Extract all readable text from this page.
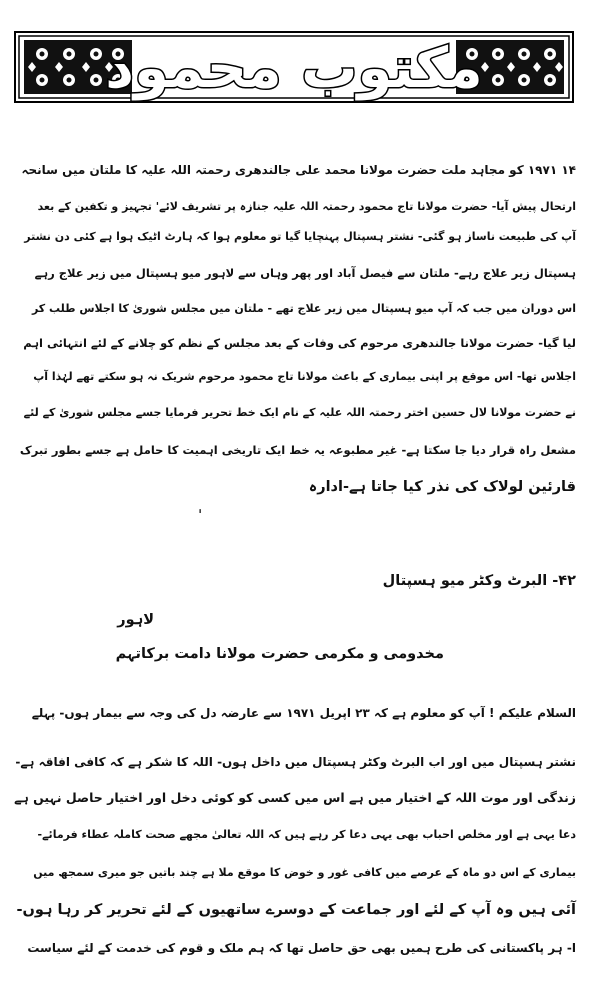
مکتوب محمود
۱۴ ۱۹۷۱ کو مجاہد ملت حضرت مولانا محمد علی جالندھری رحمتہ اللہ علیہ کا ملتان میں سانحہ
ارتحال پیش آیا- حضرت مولانا تاج محمود رحمتہ اللہ علیہ جنازہ پر تشریف لائے' تجہیز و تکفین کے بعد
آپ کی طبیعت ناساز ہو گئی- نشتر ہسپتال پہنچایا گیا تو معلوم ہوا کہ ہارٹ اٹیک ہوا ہے کئی دن نشتر
ہسپتال زیر علاج رہے- ملتان سے فیصل آباد اور پھر وہاں سے لاہور میو ہسپتال میں زیر علاج رہے
اس دوران میں جب کہ آپ میو ہسپتال میں زیر علاج تھے - ملتان میں مجلس شوریٰ کا اجلاس طلب کر
لیا گیا- حضرت مولانا جالندھری مرحوم کی وفات کے بعد مجلس کے نظم کو چلانے کے لئے انتہائی اہم
اجلاس تھا- اس موقع پر اپنی بیماری کے باعث مولانا تاج محمود مرحوم شریک نہ ہو سکتے تھے لہٰذا آپ
نے حضرت مولانا لال حسین اختر رحمتہ اللہ علیہ کے نام ایک خط تحریر فرمایا جسے مجلس شوریٰ کے لئے
مشعل راہ قرار دیا جا سکتا ہے- غیر مطبوعہ یہ خط ایک تاریخی اہمیت کا حامل ہے جسے بطور تبرک
قارئین لولاک کی نذر کیا جاتا ہے-ادارہ
ˌ
۴۲- البرٹ وکٹر میو ہسپتال
لاہور
مخدومی و مکرمی حضرت مولانا دامت برکاتہم
السلام علیکم ! آپ کو معلوم ہے کہ ۲۳ اپریل ۱۹۷۱ سے عارضہ دل کی وجہ سے بیمار ہوں- پہلے
نشتر ہسپتال میں اور اب البرٹ وکٹر ہسپتال میں داخل ہوں- اللہ کا شکر ہے کہ کافی افاقہ ہے-
زندگی اور موت اللہ کے اختیار میں ہے اس میں کسی کو کوئی دخل اور اختیار حاصل نہیں ہے
دعا یہی ہے اور مخلص احباب بھی یہی دعا کر رہے ہیں کہ اللہ تعالیٰ مجھے صحت کاملہ عطاء فرمائے-
بیماری کے اس دو ماہ کے عرصے میں کافی غور و خوض کا موقع ملا ہے چند باتیں جو میری سمجھ میں
آئی ہیں وہ آپ کے لئے اور جماعت کے دوسرے ساتھیوں کے لئے تحریر کر رہا ہوں-
ا- ہر پاکستانی کی طرح ہمیں بھی حق حاصل تھا کہ ہم ملک و قوم کی خدمت کے لئے سیاست
